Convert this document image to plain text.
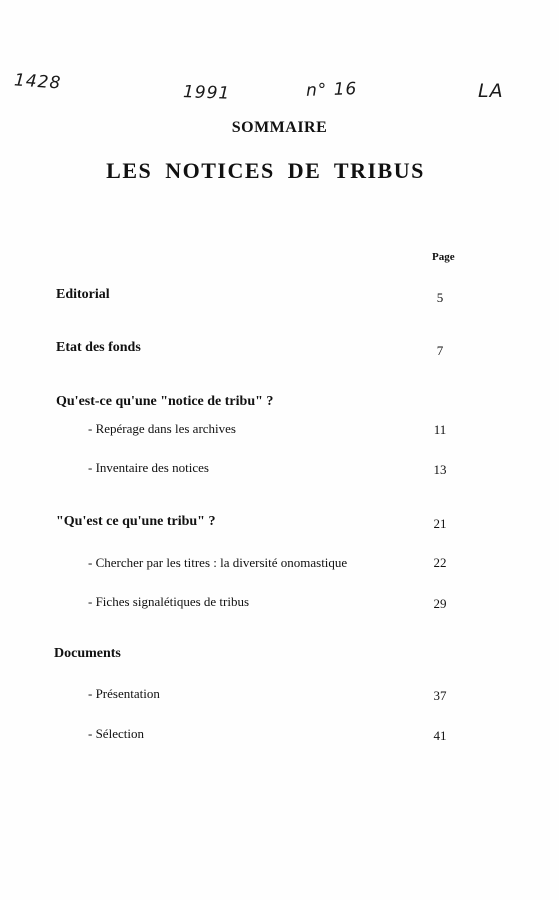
1428	1991	n° 16	LA
SOMMAIRE
LES NOTICES DE TRIBUS
Page
Editorial	5
Etat des fonds	7
Qu'est-ce qu'une "notice de tribu" ?
- Repérage dans les archives	11
- Inventaire des notices	13
"Qu'est ce qu'une tribu" ?	21
- Chercher par les titres : la diversité onomastique	22
- Fiches signalétiques de tribus	29
Documents
- Présentation	37
- Sélection	41
